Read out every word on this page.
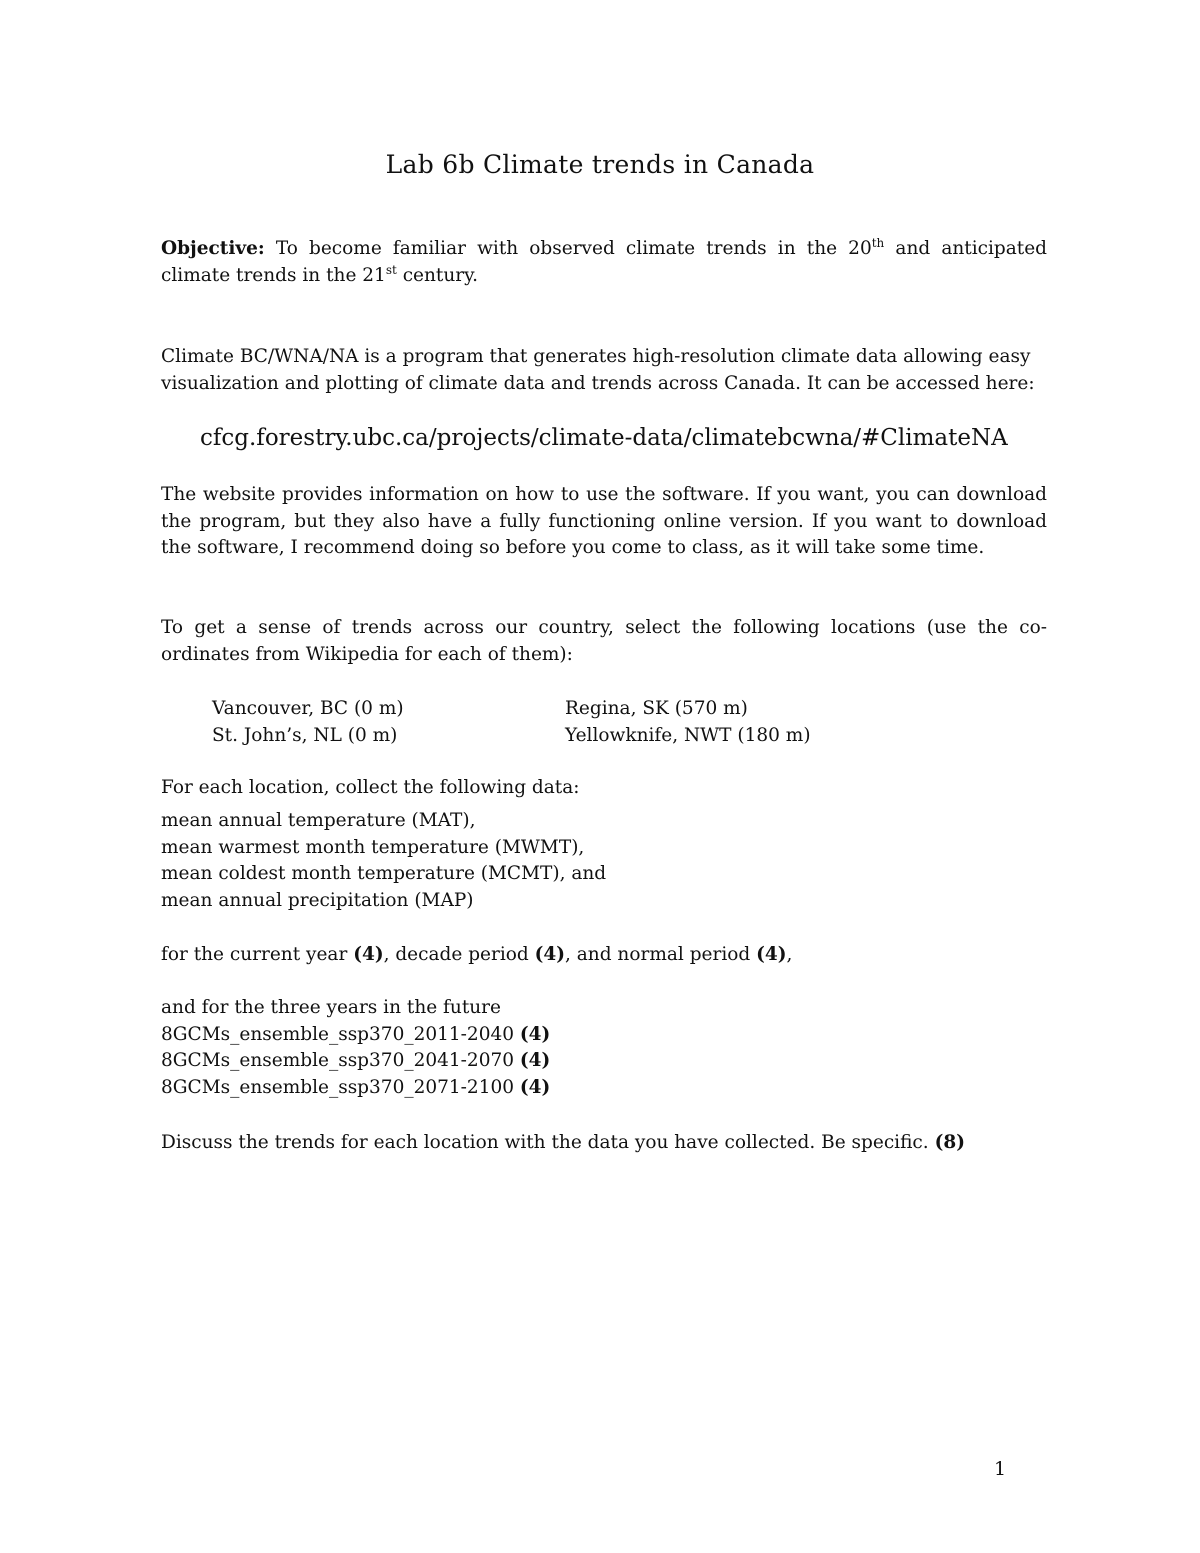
Lab 6b Climate trends in Canada

Objective: To become familiar with observed climate trends in the 20th and anticipated climate trends in the 21st century.

Climate BC/WNA/NA is a program that generates high-resolution climate data allowing easy visualization and plotting of climate data and trends across Canada. It can be accessed here:

cfcg.forestry.ubc.ca/projects/climate-data/climatebcwna/#ClimateNA

The website provides information on how to use the software. If you want, you can download the program, but they also have a fully functioning online version. If you want to download the software, I recommend doing so before you come to class, as it will take some time.

To get a sense of trends across our country, select the following locations (use the co-ordinates from Wikipedia for each of them):

Vancouver, BC (0 m)	Regina, SK (570 m)
St. John’s, NL (0 m)	Yellowknife, NWT (180 m)

For each location, collect the following data:

mean annual temperature (MAT),
mean warmest month temperature (MWMT),
mean coldest month temperature (MCMT), and
mean annual precipitation (MAP)

for the current year (4), decade period (4), and normal period (4),

and for the three years in the future
8GCMs_ensemble_ssp370_2011-2040 (4)
8GCMs_ensemble_ssp370_2041-2070 (4)
8GCMs_ensemble_ssp370_2071-2100 (4)

Discuss the trends for each location with the data you have collected. Be specific. (8)

1
